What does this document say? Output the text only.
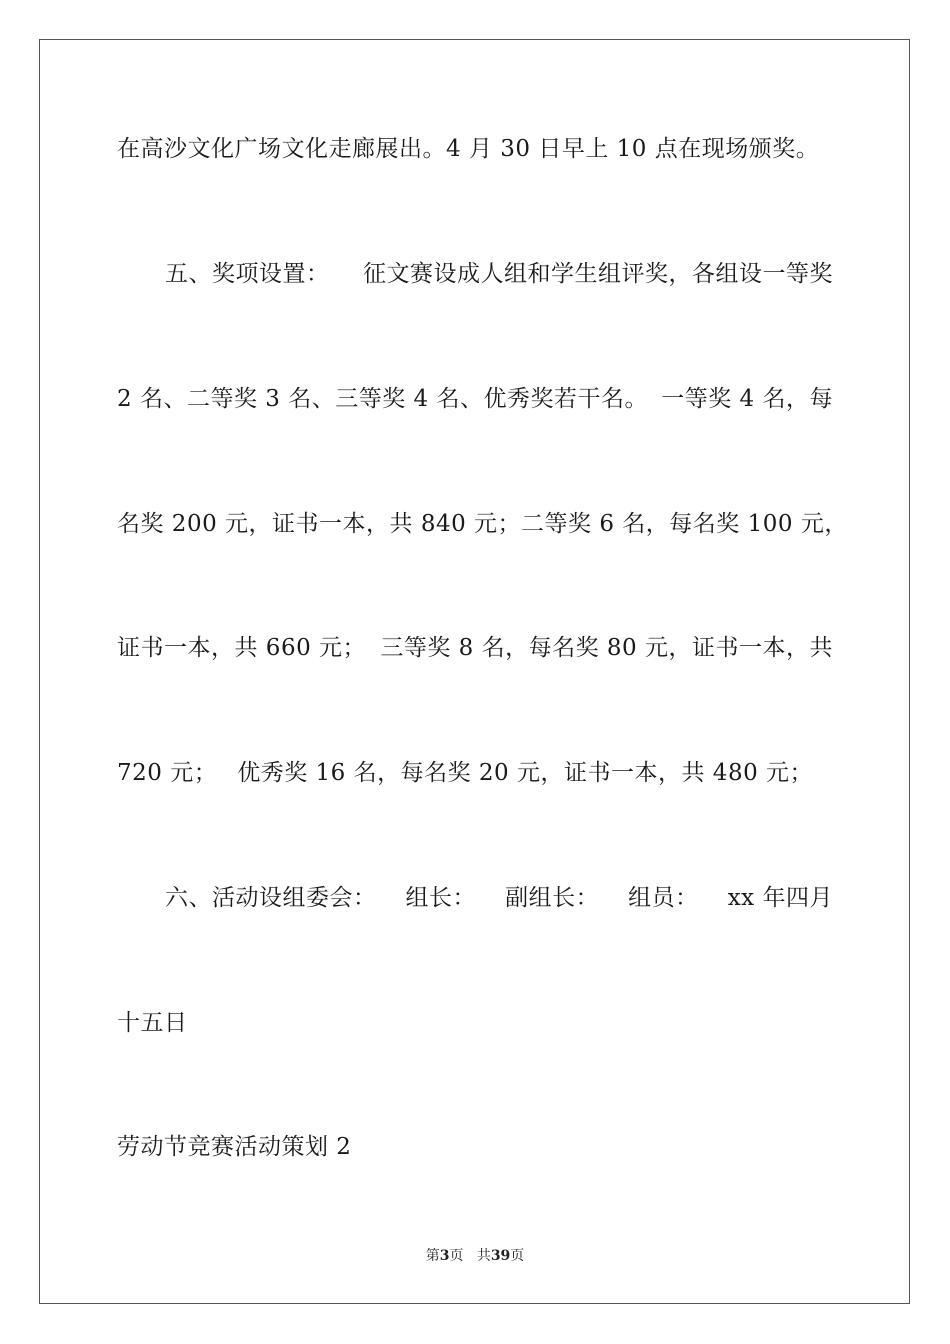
在高沙文化广场文化走廊展出。4 月 30 日早上 10 点在现场颁奖。
五、奖项设置： 征文赛设成人组和学生组评奖，各组设一等奖
2 名、二等奖 3 名、三等奖 4 名、优秀奖若干名。 一等奖 4 名，每
名奖 200 元，证书一本，共 840 元； 二等奖 6 名，每名奖 100 元，
证书一本，共 660 元； 三等奖 8 名，每名奖 80 元，证书一本，共
720 元； 优秀奖 16 名，每名奖 20 元，证书一本，共 480 元；
六、活动设组委会： 组长： 副组长： 组员： xx 年四月
十五日
劳动节竞赛活动策划 2
第3页 共39页
